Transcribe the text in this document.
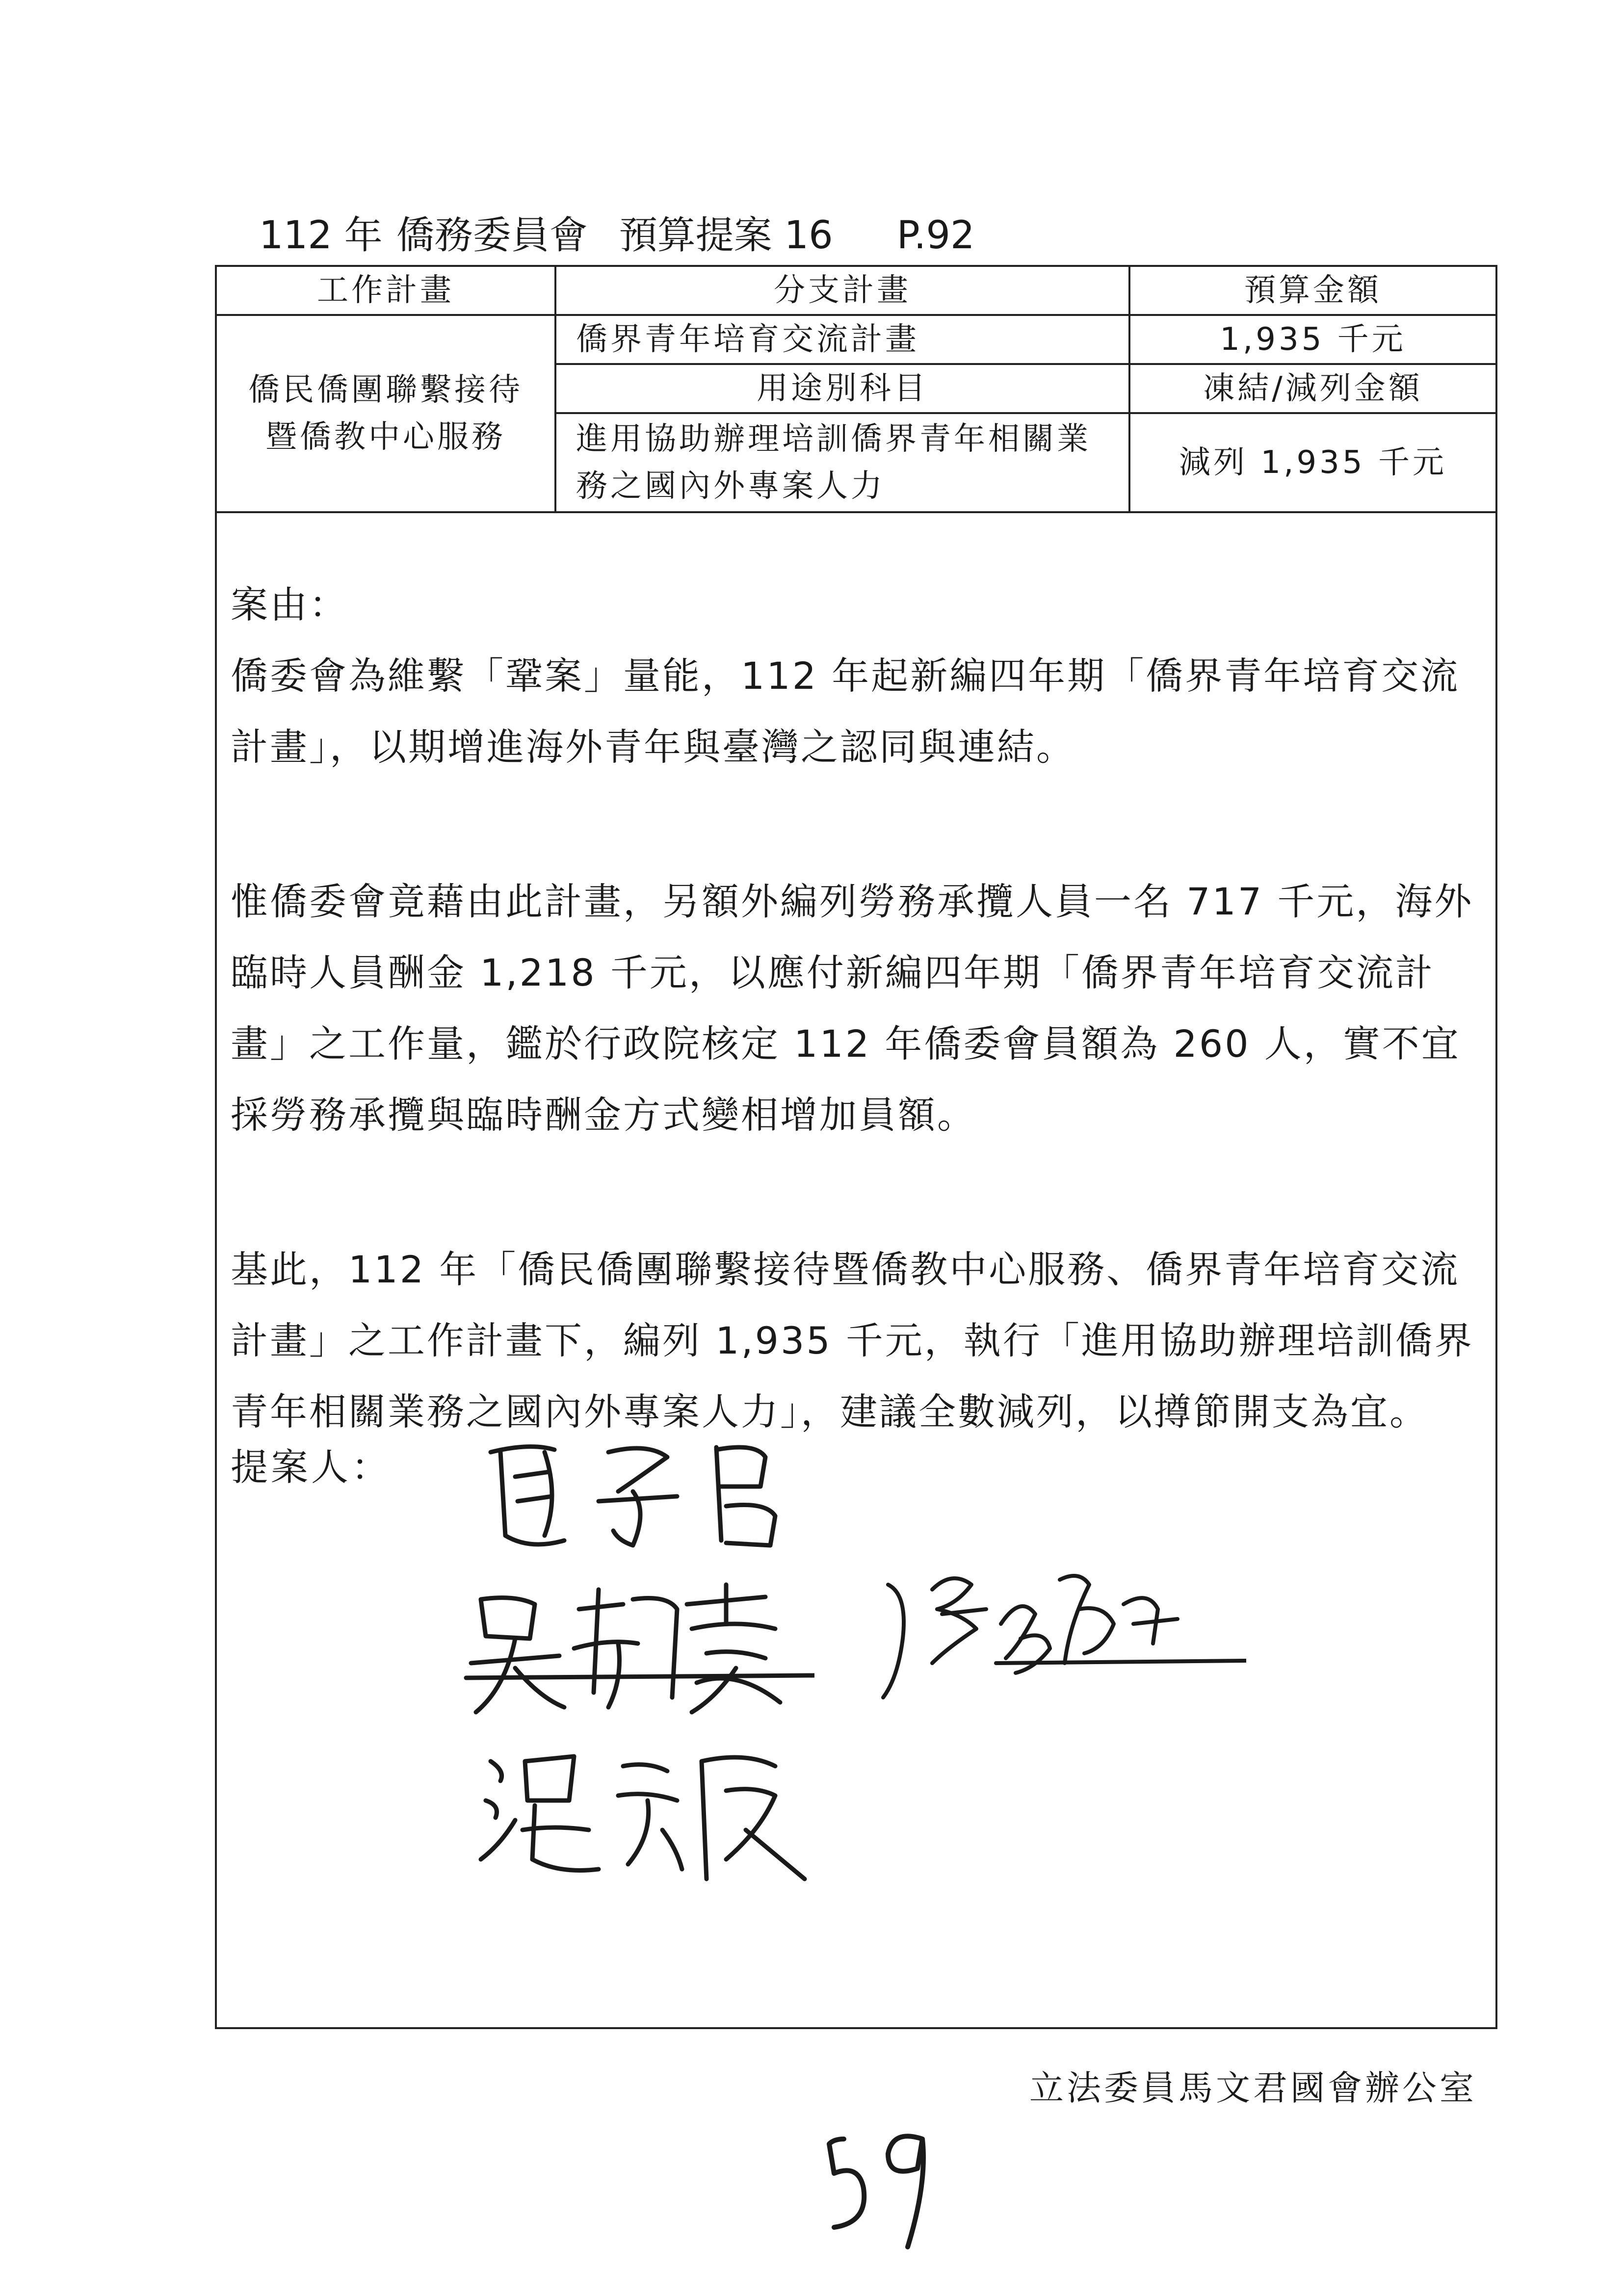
112 年 僑務委員會 預算提案 16 P.92
工作計畫	分支計畫	預算金額
僑民僑團聯繫接待暨僑教中心服務	僑界青年培育交流計畫	1,935 千元
	用途別科目	凍結/減列金額
	進用協助辦理培訓僑界青年相關業務之國內外專案人力	減列 1,935 千元

案由：

僑委會為維繫「鞏案」量能，112 年起新編四年期「僑界青年培育交流計畫」，以期增進海外青年與臺灣之認同與連結。

惟僑委會竟藉由此計畫，另額外編列勞務承攬人員一名 717 千元，海外臨時人員酬金 1,218 千元，以應付新編四年期「僑界青年培育交流計畫」之工作量，鑑於行政院核定 112 年僑委會員額為 260 人，實不宜採勞務承攬與臨時酬金方式變相增加員額。

基此，112 年「僑民僑團聯繫接待暨僑教中心服務、僑界青年培育交流計畫」之工作計畫下，編列 1,935 千元，執行「進用協助辦理培訓僑界青年相關業務之國內外專案人力」，建議全數減列，以撙節開支為宜。

提案人：
立法委員馬文君國會辦公室
